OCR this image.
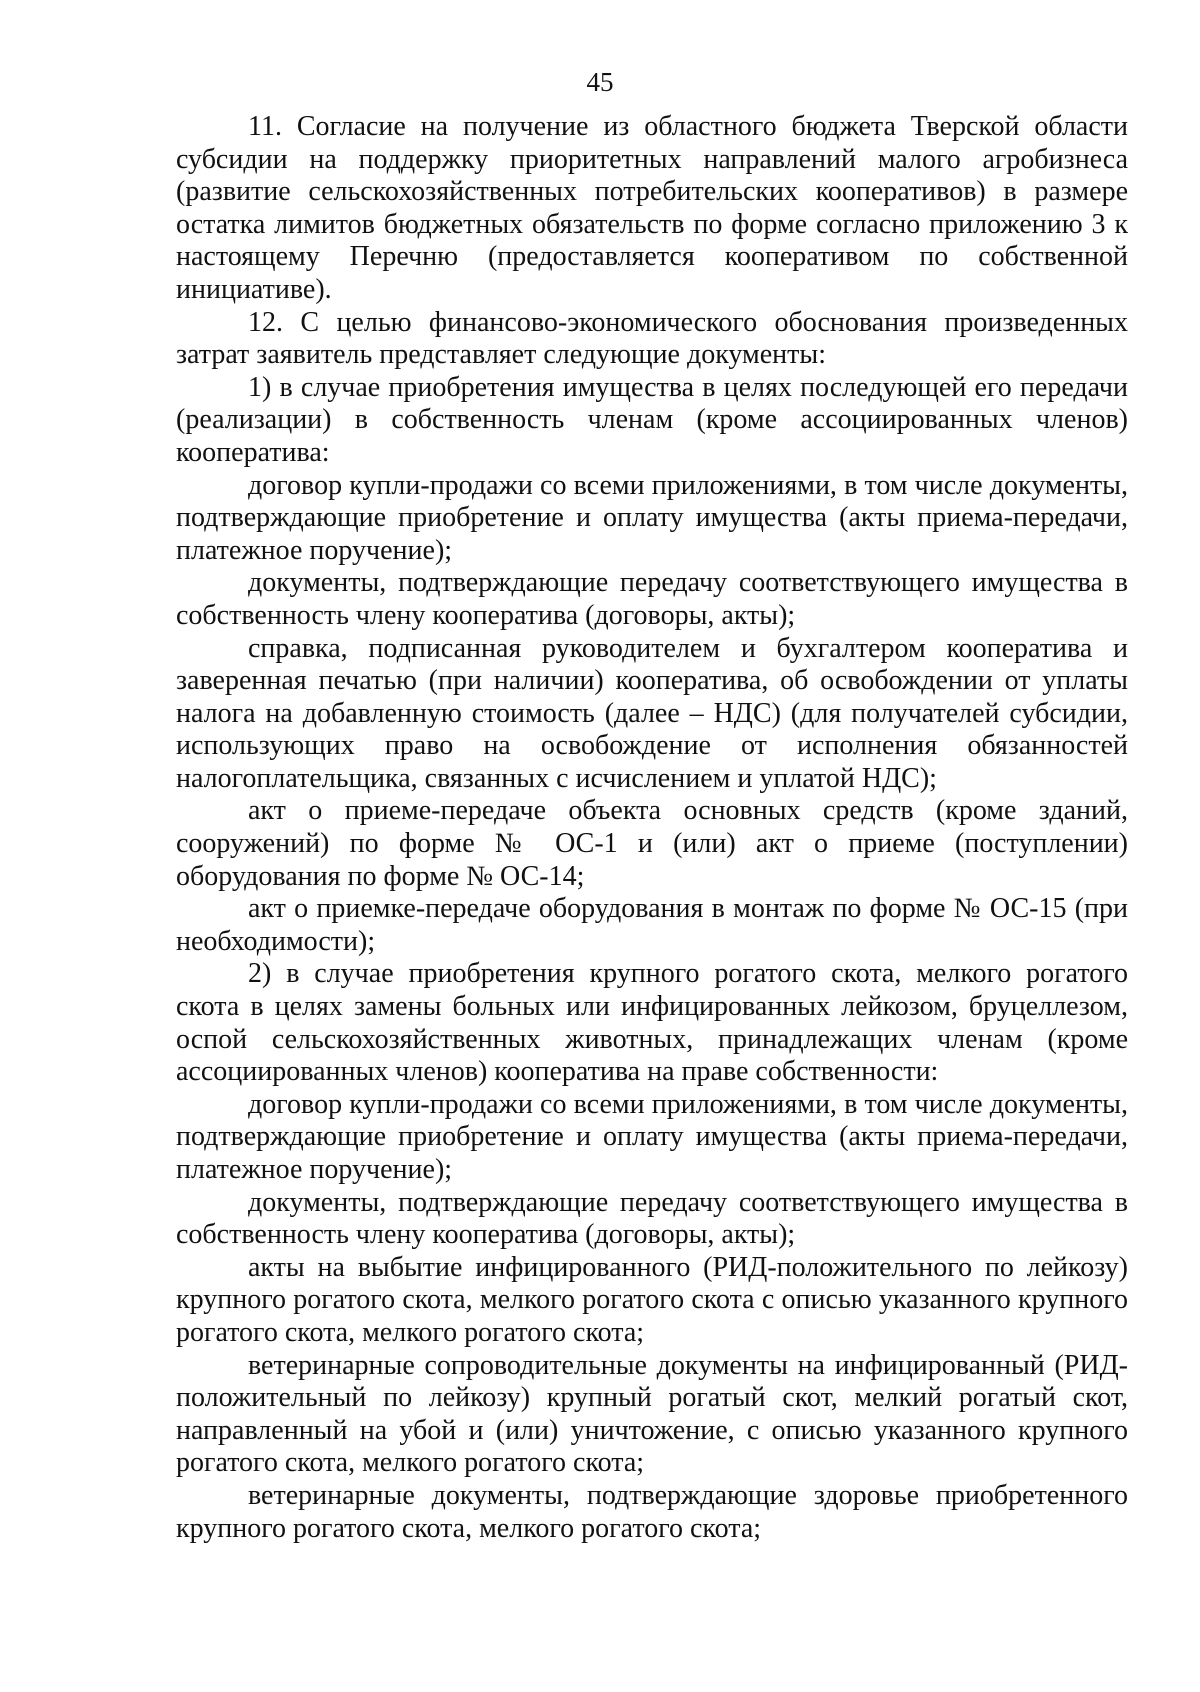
45

11. Согласие на получение из областного бюджета Тверской области субсидии на поддержку приоритетных направлений малого агробизнеса (развитие сельскохозяйственных потребительских кооперативов) в размере остатка лимитов бюджетных обязательств по форме согласно приложению 3 к настоящему Перечню (предоставляется кооперативом по собственной инициативе).

12. С целью финансово-экономического обоснования произведенных затрат заявитель представляет следующие документы:

1) в случае приобретения имущества в целях последующей его передачи (реализации) в собственность членам (кроме ассоциированных членов) кооператива:

договор купли-продажи со всеми приложениями, в том числе документы, подтверждающие приобретение и оплату имущества (акты приема-передачи, платежное поручение);

документы, подтверждающие передачу соответствующего имущества в собственность члену кооператива (договоры, акты);

справка, подписанная руководителем и бухгалтером кооператива и заверенная печатью (при наличии) кооператива, об освобождении от уплаты налога на добавленную стоимость (далее – НДС) (для получателей субсидии, использующих право на освобождение от исполнения обязанностей налогоплательщика, связанных с исчислением и уплатой НДС);

акт о приеме-передаче объекта основных средств (кроме зданий, сооружений) по форме № ОС-1 и (или) акт о приеме (поступлении) оборудования по форме № ОС-14;

акт о приемке-передаче оборудования в монтаж по форме № ОС-15 (при необходимости);

2) в случае приобретения крупного рогатого скота, мелкого рогатого скота в целях замены больных или инфицированных лейкозом, бруцеллезом, оспой сельскохозяйственных животных, принадлежащих членам (кроме ассоциированных членов) кооператива на праве собственности:

договор купли-продажи со всеми приложениями, в том числе документы, подтверждающие приобретение и оплату имущества (акты приема-передачи, платежное поручение);

документы, подтверждающие передачу соответствующего имущества в собственность члену кооператива (договоры, акты);

акты на выбытие инфицированного (РИД-положительного по лейкозу) крупного рогатого скота, мелкого рогатого скота с описью указанного крупного рогатого скота, мелкого рогатого скота;

ветеринарные сопроводительные документы на инфицированный (РИД-положительный по лейкозу) крупный рогатый скот, мелкий рогатый скот, направленный на убой и (или) уничтожение, с описью указанного крупного рогатого скота, мелкого рогатого скота;

ветеринарные документы, подтверждающие здоровье приобретенного крупного рогатого скота, мелкого рогатого скота;
